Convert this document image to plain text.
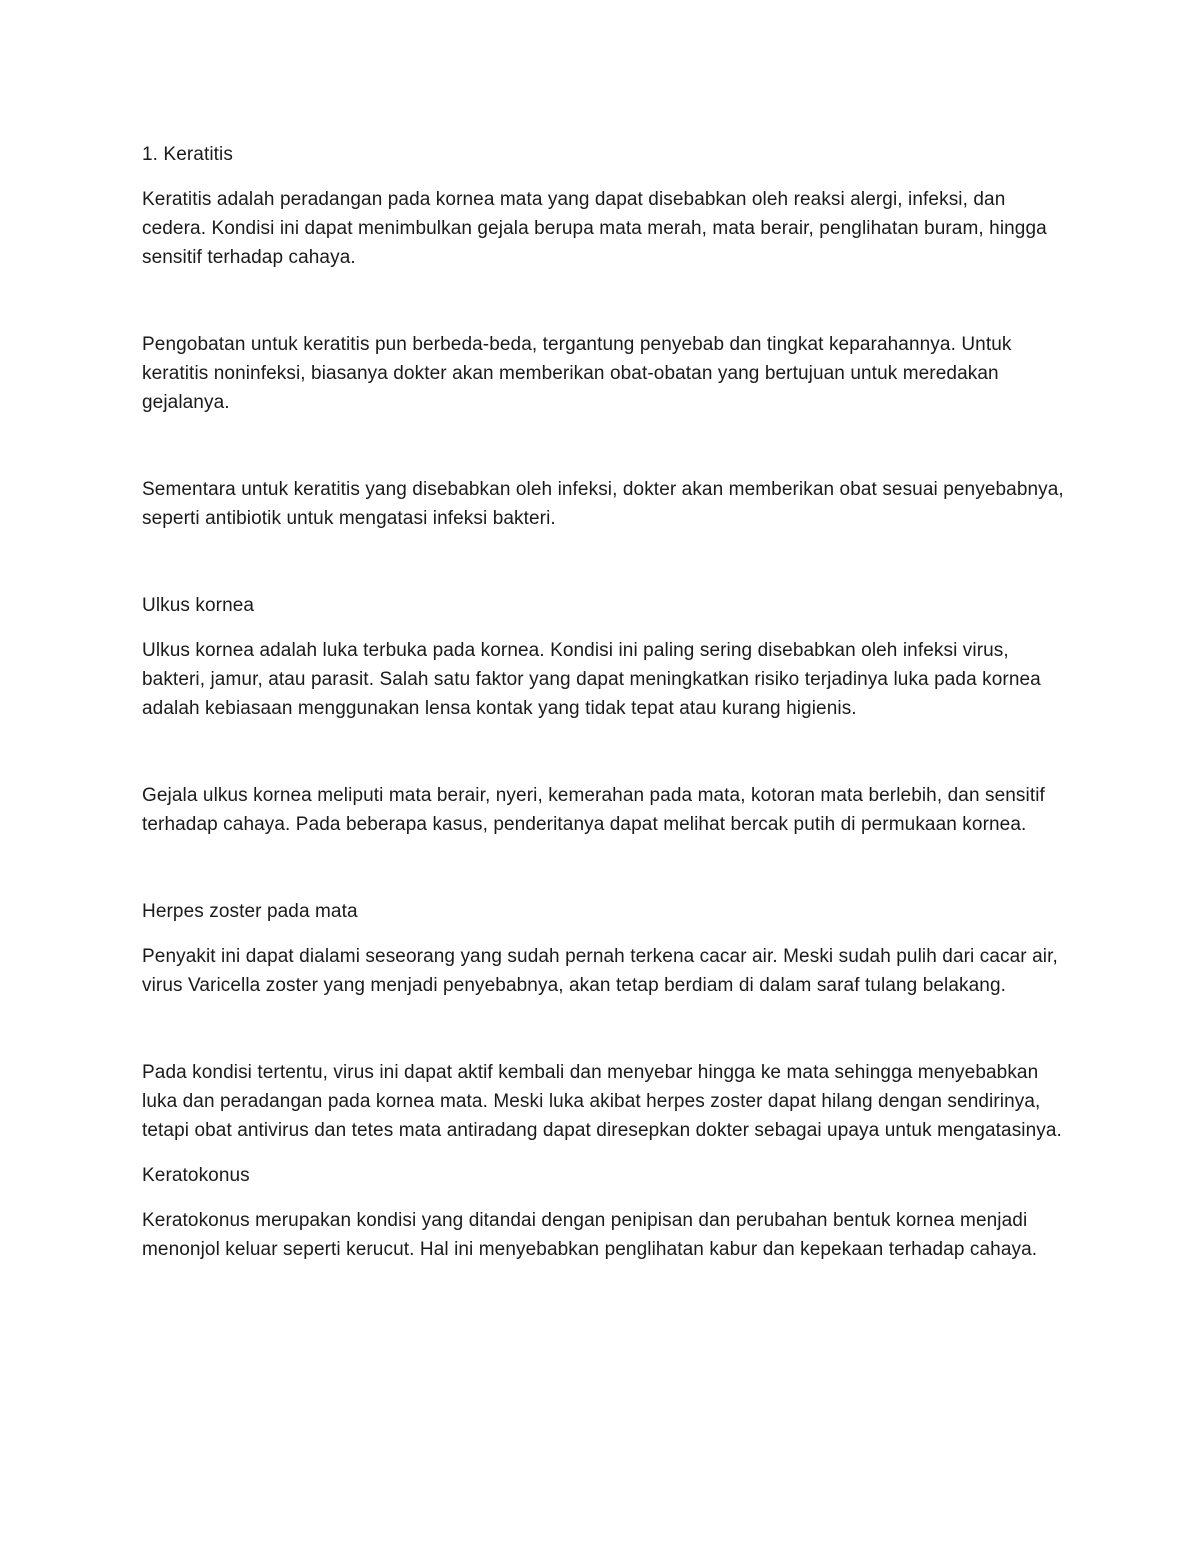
1. Keratitis

Keratitis adalah peradangan pada kornea mata yang dapat disebabkan oleh reaksi alergi, infeksi, dan cedera. Kondisi ini dapat menimbulkan gejala berupa mata merah, mata berair, penglihatan buram, hingga sensitif terhadap cahaya.

Pengobatan untuk keratitis pun berbeda-beda, tergantung penyebab dan tingkat keparahannya. Untuk keratitis noninfeksi, biasanya dokter akan memberikan obat-obatan yang bertujuan untuk meredakan gejalanya.

Sementara untuk keratitis yang disebabkan oleh infeksi, dokter akan memberikan obat sesuai penyebabnya, seperti antibiotik untuk mengatasi infeksi bakteri.

Ulkus kornea

Ulkus kornea adalah luka terbuka pada kornea. Kondisi ini paling sering disebabkan oleh infeksi virus, bakteri, jamur, atau parasit. Salah satu faktor yang dapat meningkatkan risiko terjadinya luka pada kornea adalah kebiasaan menggunakan lensa kontak yang tidak tepat atau kurang higienis.

Gejala ulkus kornea meliputi mata berair, nyeri, kemerahan pada mata, kotoran mata berlebih, dan sensitif terhadap cahaya. Pada beberapa kasus, penderitanya dapat melihat bercak putih di permukaan kornea.

Herpes zoster pada mata

Penyakit ini dapat dialami seseorang yang sudah pernah terkena cacar air. Meski sudah pulih dari cacar air, virus Varicella zoster yang menjadi penyebabnya, akan tetap berdiam di dalam saraf tulang belakang.

Pada kondisi tertentu, virus ini dapat aktif kembali dan menyebar hingga ke mata sehingga menyebabkan luka dan peradangan pada kornea mata. Meski luka akibat herpes zoster dapat hilang dengan sendirinya, tetapi obat antivirus dan tetes mata antiradang dapat diresepkan dokter sebagai upaya untuk mengatasinya.

Keratokonus

Keratokonus merupakan kondisi yang ditandai dengan penipisan dan perubahan bentuk kornea menjadi menonjol keluar seperti kerucut. Hal ini menyebabkan penglihatan kabur dan kepekaan terhadap cahaya.
